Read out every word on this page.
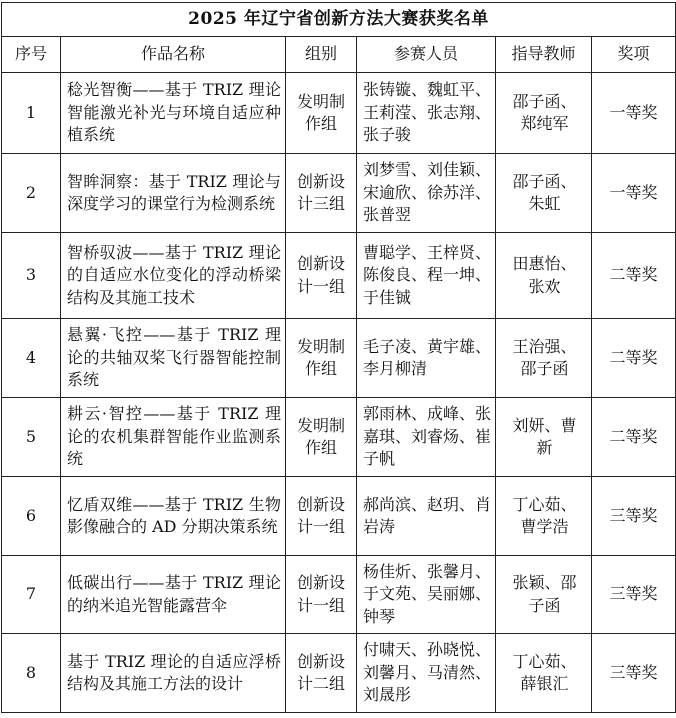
2025 年辽宁省创新方法大赛获奖名单					
序号	作品名称	组别	参赛人员	指导教师	奖项
1	稔光智衡——基于 TRIZ 理论智能激光补光与环境自适应种植系统	发明制作组	张铸镟、魏虹平、王莉滢、张志翔、张子骏	邵子函、郑纯军	一等奖
2	智眸洞察：基于 TRIZ 理论与深度学习的课堂行为检测系统	创新设计三组	刘梦雪、刘佳颖、宋逾欣、徐苏洋、张普翌	邵子函、朱虹	一等奖
3	智桥驭波——基于 TRIZ 理论的自适应水位变化的浮动桥梁结构及其施工技术	创新设计一组	曹聪学、王梓贤、陈俊良、程一坤、于佳铖	田惠怡、张欢	二等奖
4	悬翼·飞控——基于 TRIZ 理论的共轴双桨飞行器智能控制系统	发明制作组	毛子凌、黄宇雄、李月柳清	王治强、邵子函	二等奖
5	耕云·智控——基于 TRIZ 理论的农机集群智能作业监测系统	发明制作组	郭雨林、成峰、张嘉琪、刘睿炀、崔子帆	刘妍、曹新	二等奖
6	忆盾双维——基于 TRIZ 生物影像融合的 AD 分期决策系统	创新设计一组	郝尚滨、赵玥、肖岩涛	丁心茹、曹学浩	三等奖
7	低碳出行——基于 TRIZ 理论的纳米追光智能露营伞	创新设计一组	杨佳炘、张馨月、于文苑、吴丽娜、钟琴	张颖、邵子函	三等奖
8	基于 TRIZ 理论的自适应浮桥结构及其施工方法的设计	创新设计二组	付啸天、孙晓悦、刘馨月、马清然、刘晟彤	丁心茹、薛银汇	三等奖
